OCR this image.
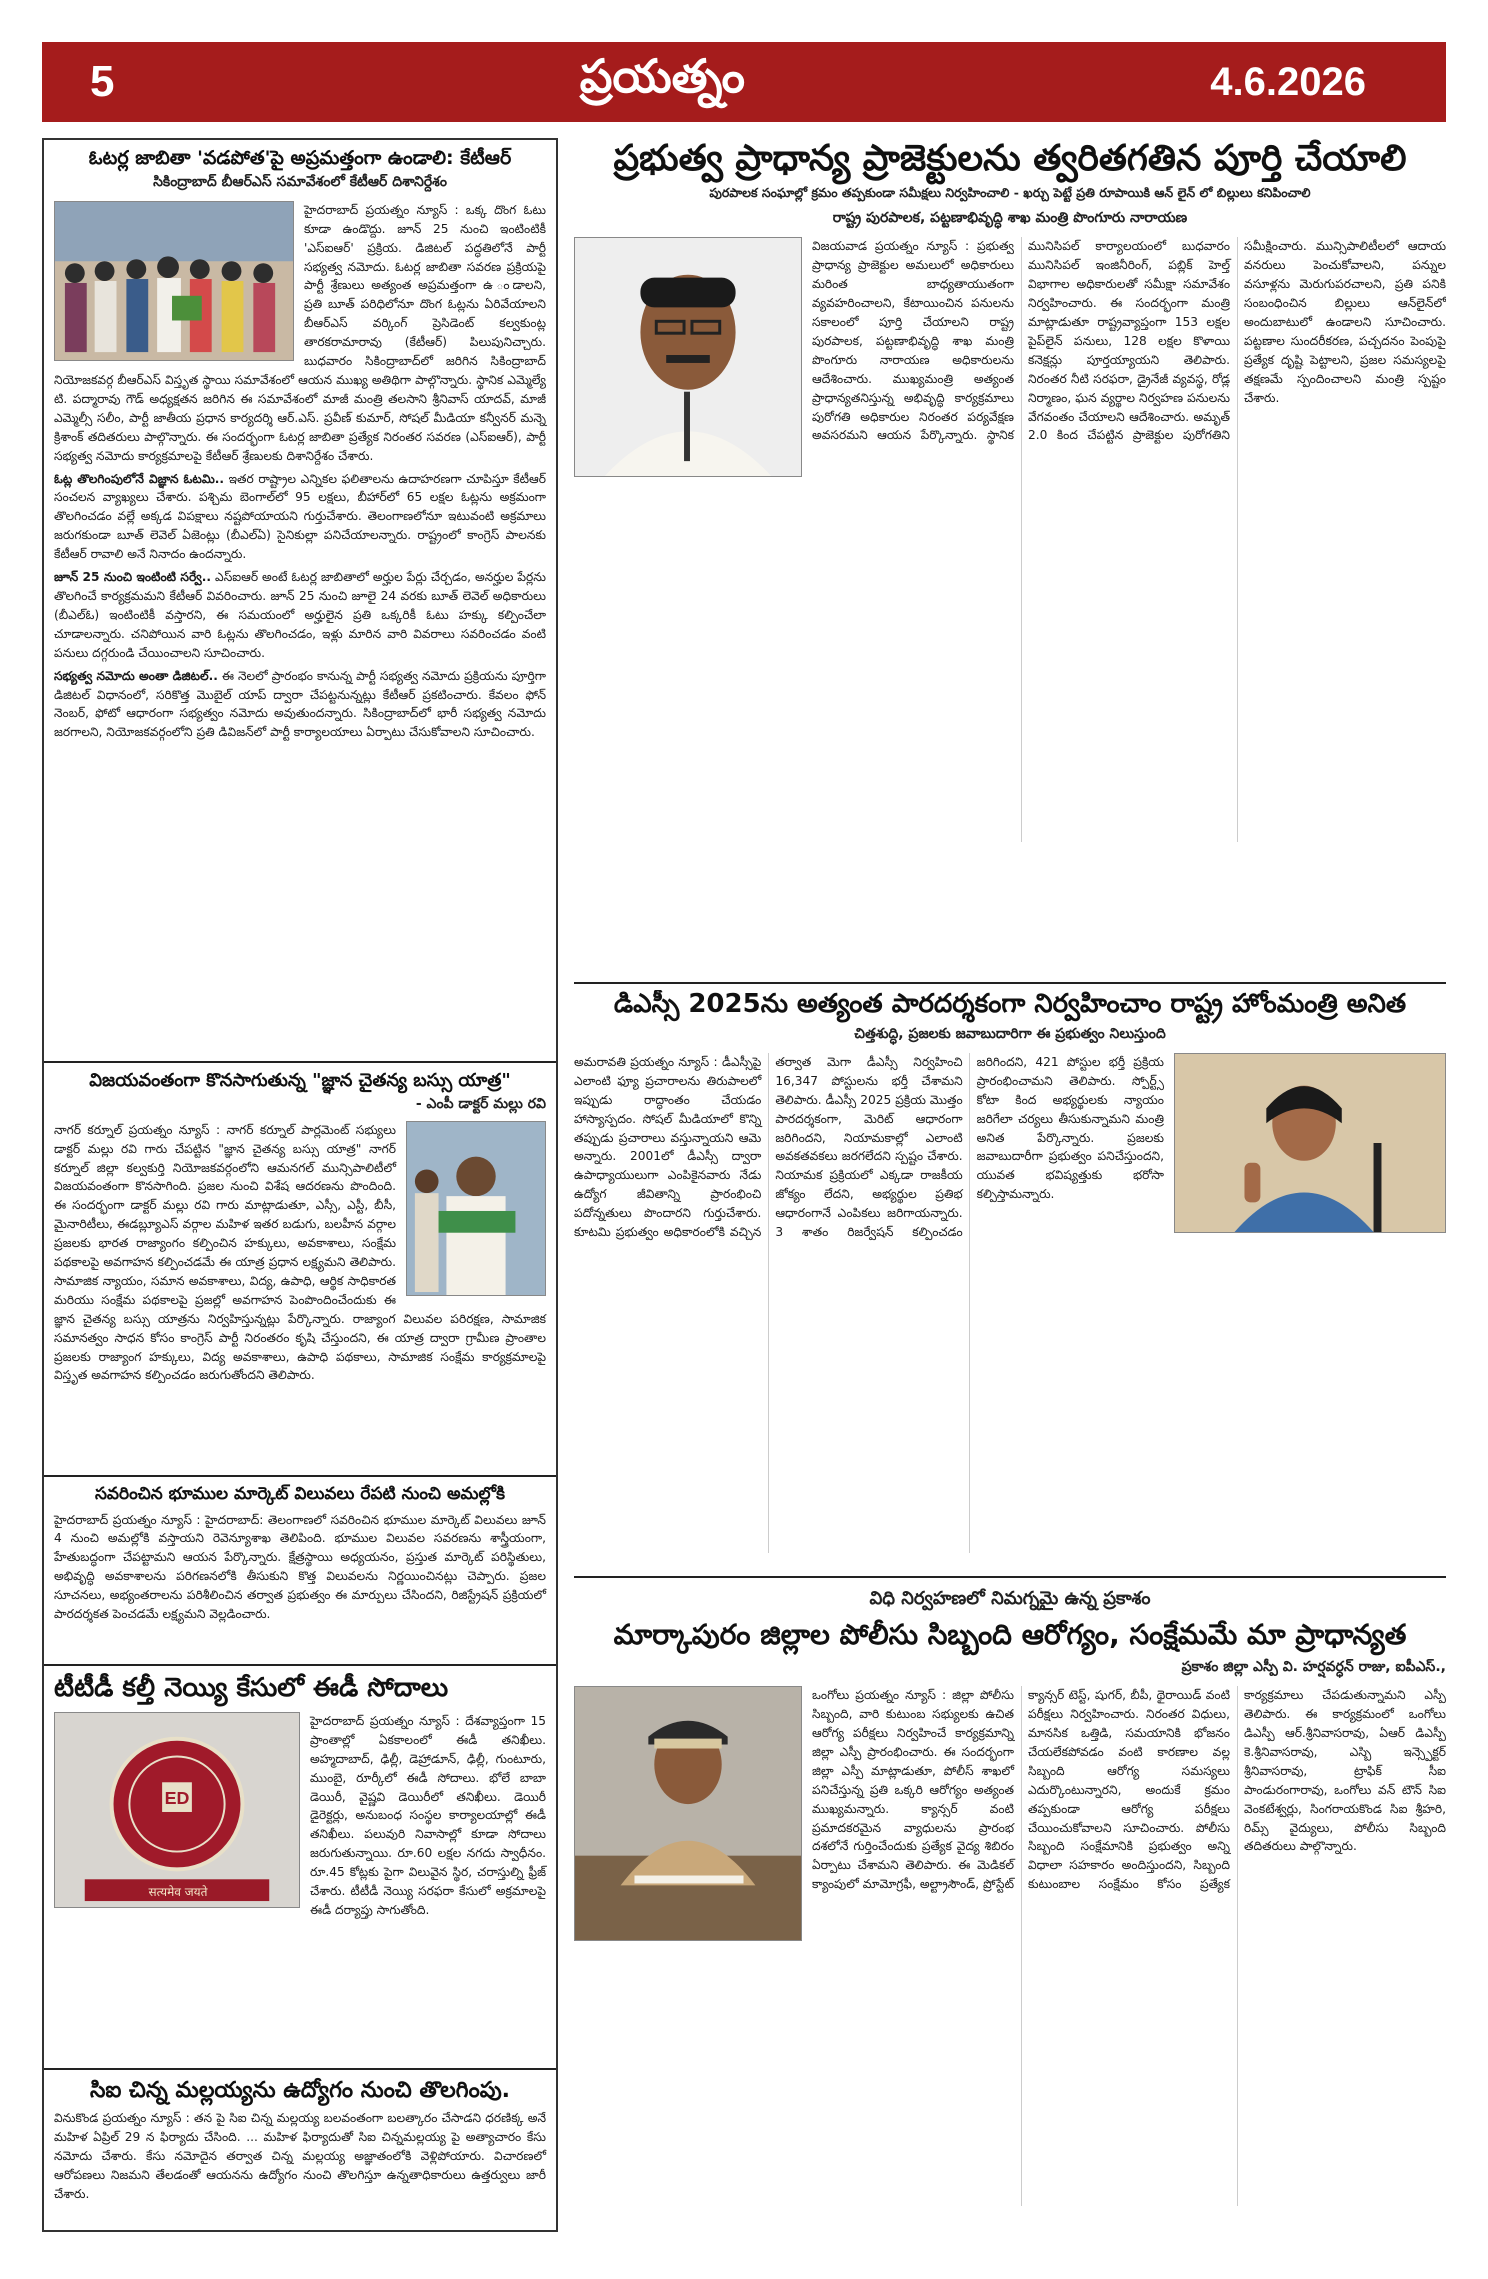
5	ప్రయత్నం	4.6.2026
ఓటర్ల జాబితా 'వడపోత'పై అప్రమత్తంగా ఉండాలి: కేటీఆర్
సికింద్రాబాద్ బీఆర్ఎస్ సమావేశంలో కేటీఆర్ దిశానిర్దేశం

హైదరాబాద్ ప్రయత్నం న్యూస్ : ఒక్క దొంగ ఓటు కూడా ఉండొద్దు. జూన్ 25 నుంచి ఇంటింటికీ 'ఎస్ఐఆర్' ప్రక్రియ. డిజిటల్ పద్ధతిలోనే పార్టీ సభ్యత్వ నమోదు. ఓటర్ల జాబితా సవరణ ప్రక్రియపై పార్టీ శ్రేణులు అత్యంత అప్రమత్తంగా ఉ ండాలని, ప్రతి బూత్ పరిధిలోనూ దొంగ ఓట్లను ఏరివేయాలని బీఆర్ఎస్ వర్కింగ్ ప్రెసిడెంట్ కల్వకుంట్ల తారకరామారావు (కేటీఆర్) పిలుపునిచ్చారు. బుధవారం సికింద్రాబాద్‌లో జరిగిన సికింద్రాబాద్ నియోజకవర్గ బీఆర్ఎస్ విస్తృత స్థాయి సమావేశంలో ఆయన ముఖ్య అతిథిగా పాల్గొన్నారు. స్థానిక ఎమ్మెల్యే టి. పద్మారావు గౌడ్ అధ్యక్షతన జరిగిన ఈ సమావేశంలో మాజీ మంత్రి తలసాని శ్రీనివాస్ యాదవ్, మాజీ ఎమ్మెల్సీ సలీం, పార్టీ జాతీయ ప్రధాన కార్యదర్శి ఆర్.ఎస్. ప్రవీణ్ కుమార్, సోషల్ మీడియా కన్వీనర్ మన్నె క్రిశాంక్ తదితరులు పాల్గొన్నారు. ఈ సందర్భంగా ఓటర్ల జాబితా ప్రత్యేక నిరంతర సవరణ (ఎస్ఐఆర్), పార్టీ సభ్యత్వ నమోదు కార్యక్రమాలపై కేటీఆర్ శ్రేణులకు దిశానిర్దేశం చేశారు.

ఓట్ల తొలగింపులోనే విజ్ఞాన ఓటమి.. ఇతర రాష్ట్రాల ఎన్నికల ఫలితాలను ఉదాహరణగా చూపిస్తూ కేటీఆర్ సంచలన వ్యాఖ్యలు చేశారు. పశ్చిమ బెంగాల్‌లో 95 లక్షలు, బీహార్‌లో 65 లక్షల ఓట్లను అక్రమంగా తొలగించడం వల్లే అక్కడ విపక్షాలు నష్టపోయాయని గుర్తుచేశారు. తెలంగాణలోనూ ఇటువంటి అక్రమాలు జరుగకుండా బూత్ లెవెల్ ఏజెంట్లు (బీఎల్ఏ) సైనికుల్లా పనిచేయాలన్నారు. రాష్ట్రంలో కాంగ్రెస్ పాలనకు కేటీఆర్ రావాలి అనే నినాదం ఉందన్నారు.

జూన్ 25 నుంచి ఇంటింటి సర్వే.. ఎస్ఐఆర్ అంటే ఓటర్ల జాబితాలో అర్హుల పేర్లు చేర్చడం, అనర్హుల పేర్లను తొలగించే కార్యక్రమమని కేటీఆర్ వివరించారు. జూన్ 25 నుంచి జూలై 24 వరకు బూత్ లెవెల్ అధికారులు (బీఎల్ఓ) ఇంటింటికీ వస్తారని, ఈ సమయంలో అర్హులైన ప్రతి ఒక్కరికీ ఓటు హక్కు కల్పించేలా చూడాలన్నారు. చనిపోయిన వారి ఓట్లను తొలగించడం, ఇళ్లు మారిన వారి వివరాలు సవరించడం వంటి పనులు దగ్గరుండి చేయించాలని సూచించారు.

సభ్యత్వ నమోదు అంతా డిజిటల్.. ఈ నెలలో ప్రారంభం కానున్న పార్టీ సభ్యత్వ నమోదు ప్రక్రియను పూర్తిగా డిజిటల్ విధానంలో, సరికొత్త మొబైల్ యాప్ ద్వారా చేపట్టనున్నట్లు కేటీఆర్ ప్రకటించారు. కేవలం ఫోన్ నెంబర్, ఫోటో ఆధారంగా సభ్యత్వం నమోదు అవుతుందన్నారు. సికింద్రాబాద్‌లో భారీ సభ్యత్వ నమోదు జరగాలని, నియోజకవర్గంలోని ప్రతి డివిజన్‌లో పార్టీ కార్యాలయాలు ఏర్పాటు చేసుకోవాలని సూచించారు.

విజయవంతంగా కొనసాగుతున్న "జ్ఞాన చైతన్య బస్సు యాత్ర"
- ఎంపీ డాక్టర్ మల్లు రవి
నాగర్ కర్నూల్ ప్రయత్నం న్యూస్ : నాగర్ కర్నూల్ పార్లమెంట్ సభ్యులు డాక్టర్ మల్లు రవి గారు చేపట్టిన "జ్ఞాన చైతన్య బస్సు యాత్ర" నాగర్ కర్నూల్ జిల్లా కల్వకుర్తి నియోజకవర్గంలోని ఆమనగల్ మున్సిపాలిటీలో విజయవంతంగా కొనసాగింది. ప్రజల నుంచి విశేష ఆదరణను పొందింది. ఈ సందర్భంగా డాక్టర్ మల్లు రవి గారు మాట్లాడుతూ, ఎస్సీ, ఎస్టీ, బీసీ, మైనారిటీలు, ఈడబ్ల్యూఎస్ వర్గాల మహిళ ఇతర బడుగు, బలహీన వర్గాల ప్రజలకు భారత రాజ్యాంగం కల్పించిన హక్కులు, అవకాశాలు, సంక్షేమ పథకాలపై అవగాహన కల్పించడమే ఈ యాత్ర ప్రధాన లక్ష్యమని తెలిపారు. సామాజిక న్యాయం, సమాన అవకాశాలు, విద్య, ఉపాధి, ఆర్థిక సాధికారత మరియు సంక్షేమ పథకాలపై ప్రజల్లో అవగాహన పెంపొందించేందుకు ఈ జ్ఞాన చైతన్య బస్సు యాత్రను నిర్వహిస్తున్నట్లు పేర్కొన్నారు. రాజ్యాంగ విలువల పరిరక్షణ, సామాజిక సమానత్వం సాధన కోసం కాంగ్రెస్ పార్టీ నిరంతరం కృషి చేస్తుందని, ఈ యాత్ర ద్వారా గ్రామీణ ప్రాంతాల ప్రజలకు రాజ్యాంగ హక్కులు, విద్య అవకాశాలు, ఉపాధి పథకాలు, సామాజిక సంక్షేమ కార్యక్రమాలపై విస్తృత అవగాహన కల్పించడం జరుగుతోందని తెలిపారు.
సవరించిన భూముల మార్కెట్ విలువలు రేపటి నుంచి అమల్లోకి
హైదరాబాద్ ప్రయత్నం న్యూస్ : హైదరాబాద్: తెలంగాణలో సవరించిన భూముల మార్కెట్ విలువలు జూన్ 4 నుంచి అమల్లోకి వస్తాయని రెవెన్యూశాఖ తెలిపింది. భూముల విలువల సవరణను శాస్త్రీయంగా, హేతుబద్ధంగా చేపట్టామని ఆయన పేర్కొన్నారు. క్షేత్రస్థాయి అధ్యయనం, ప్రస్తుత మార్కెట్ పరిస్థితులు, అభివృద్ధి అవకాశాలను పరిగణనలోకి తీసుకుని కొత్త విలువలను నిర్ణయించినట్లు చెప్పారు. ప్రజల సూచనలు, అభ్యంతరాలను పరిశీలించిన తర్వాత ప్రభుత్వం ఈ మార్పులు చేసిందని, రిజిస్ట్రేషన్ ప్రక్రియలో పారదర్శకత పెంచడమే లక్ష్యమని వెల్లడించారు.
టీటీడీ కల్తీ నెయ్యి కేసులో ఈడీ సోదాలు
ED
सत्यमेव जयते
హైదరాబాద్ ప్రయత్నం న్యూస్ : దేశవ్యాప్తంగా 15 ప్రాంతాల్లో ఏకకాలంలో ఈడీ తనిఖీలు. అహ్మదాబాద్, ఢిల్లీ, డెహ్రాడూన్, ఢిల్లీ, గుంటూరు, ముంబై, రూర్కీలో ఈడీ సోదాలు. భోలే బాబా డెయిరీ, వైష్ణవి డెయిరీలో తనిఖీలు. డెయిరీ డైరెక్టర్లు, అనుబంధ సంస్థల కార్యాలయాల్లో ఈడీ తనిఖీలు. పలువురి నివాసాల్లో కూడా సోదాలు జరుగుతున్నాయి. రూ.60 లక్షల నగదు స్వాధీనం. రూ.45 కోట్లకు పైగా విలువైన స్థిర, చరాస్తుల్ని ఫ్రీజ్ చేశారు. టీటీడీ నెయ్యి సరఫరా కేసులో అక్రమాలపై ఈడీ దర్యాప్తు సాగుతోంది.
సిఐ చిన్న మల్లయ్యను ఉద్యోగం నుంచి తొలగింపు.
వినుకొండ ప్రయత్నం న్యూస్ : తన పై సిఐ చిన్న మల్లయ్య బలవంతంగా బలత్కారం చేసాడని ధరణిక్క అనే మహిళ ఏప్రిల్ 29 న ఫిర్యాదు చేసింది. ... మహిళ ఫిర్యాదుతో సిఐ చిన్నమల్లయ్య పై అత్యాచారం కేసు నమోదు చేశారు. కేసు నమోదైన తర్వాత చిన్న మల్లయ్య అజ్ఞాతంలోకి వెళ్లిపోయారు. విచారణలో ఆరోపణలు నిజమని తేలడంతో ఆయనను ఉద్యోగం నుంచి తొలగిస్తూ ఉన్నతాధికారులు ఉత్తర్వులు జారీ చేశారు.
ప్రభుత్వ ప్రాధాన్య ప్రాజెక్టులను త్వరితగతిన పూర్తి చేయాలి
పురపాలక సంఘాల్లో క్రమం తప్పకుండా సమీక్షలు నిర్వహించాలి - ఖర్చు పెట్టే ప్రతి రూపాయికి ఆన్ లైన్ లో బిల్లులు కనిపించాలి
రాష్ట్ర పురపాలక, పట్టణాభివృద్ధి శాఖ మంత్రి పొంగూరు నారాయణ
విజయవాడ ప్రయత్నం న్యూస్ : ప్రభుత్వ ప్రాధాన్య ప్రాజెక్టుల అమలులో అధికారులు మరింత బాధ్యతాయుతంగా వ్యవహరించాలని, కేటాయించిన పనులను సకాలంలో పూర్తి చేయాలని రాష్ట్ర పురపాలక, పట్టణాభివృద్ధి శాఖ మంత్రి పొంగూరు నారాయణ అధికారులను ఆదేశించారు. ముఖ్యమంత్రి అత్యంత ప్రాధాన్యతనిస్తున్న అభివృద్ధి కార్యక్రమాలు పురోగతి అధికారుల నిరంతర పర్యవేక్షణ అవసరమని ఆయన పేర్కొన్నారు. స్థానిక మునిసిపల్ కార్యాలయంలో బుధవారం మునిసిపల్ ఇంజినీరింగ్, పబ్లిక్ హెల్త్ విభాగాల అధికారులతో సమీక్షా సమావేశం నిర్వహించారు. ఈ సందర్భంగా మంత్రి మాట్లాడుతూ రాష్ట్రవ్యాప్తంగా 153 లక్షల పైప్‌లైన్ పనులు, 128 లక్షల కొళాయి కనెక్షన్లు పూర్తయ్యాయని తెలిపారు. నిరంతర నీటి సరఫరా, డ్రైనేజీ వ్యవస్థ, రోడ్ల నిర్మాణం, ఘన వ్యర్థాల నిర్వహణ పనులను వేగవంతం చేయాలని ఆదేశించారు. అమృత్ 2.0 కింద చేపట్టిన ప్రాజెక్టుల పురోగతిని సమీక్షించారు. మున్సిపాలిటీలలో ఆదాయ వనరులు పెంచుకోవాలని, పన్నుల వసూళ్లను మెరుగుపరచాలని, ప్రతి పనికి సంబంధించిన బిల్లులు ఆన్‌లైన్‌లో అందుబాటులో ఉండాలని సూచించారు. పట్టణాల సుందరీకరణ, పచ్చదనం పెంపుపై ప్రత్యేక దృష్టి పెట్టాలని, ప్రజల సమస్యలపై తక్షణమే స్పందించాలని మంత్రి స్పష్టం చేశారు.
డిఎస్సీ 2025ను అత్యంత పారదర్శకంగా నిర్వహించాం రాష్ట్ర హోంమంత్రి అనిత
చిత్తశుద్ధి, ప్రజలకు జవాబుదారిగా ఈ ప్రభుత్వం నిలుస్తుంది
అమరావతి ప్రయత్నం న్యూస్ : డీఎస్సీపై ఎలాంటి ఫ్యూ ప్రచారాలను తిరుపాలలో ఇప్పుడు రాద్ధాంతం చేయడం హాస్యాస్పదం. సోషల్ మీడియాలో కొన్ని తప్పుడు ప్రచారాలు వస్తున్నాయని ఆమె అన్నారు. 2001లో డీఎస్సీ ద్వారా ఉపాధ్యాయులుగా ఎంపికైనవారు నేడు ఉద్యోగ జీవితాన్ని ప్రారంభించి పదోన్నతులు పొందారని గుర్తుచేశారు. కూటమి ప్రభుత్వం అధికారంలోకి వచ్చిన తర్వాత మెగా డీఎస్సీ నిర్వహించి 16,347 పోస్టులను భర్తీ చేశామని తెలిపారు. డీఎస్సీ 2025 ప్రక్రియ మొత్తం పారదర్శకంగా, మెరిట్ ఆధారంగా జరిగిందని, నియామకాల్లో ఎలాంటి అవకతవకలు జరగలేదని స్పష్టం చేశారు. నియామక ప్రక్రియలో ఎక్కడా రాజకీయ జోక్యం లేదని, అభ్యర్థుల ప్రతిభ ఆధారంగానే ఎంపికలు జరిగాయన్నారు. 3 శాతం రిజర్వేషన్ కల్పించడం జరిగిందని, 421 పోస్టుల భర్తీ ప్రక్రియ ప్రారంభించామని తెలిపారు. స్పోర్ట్స్ కోటా కింద అభ్యర్థులకు న్యాయం జరిగేలా చర్యలు తీసుకున్నామని మంత్రి అనిత పేర్కొన్నారు. ప్రజలకు జవాబుదారీగా ప్రభుత్వం పనిచేస్తుందని, యువత భవిష్యత్తుకు భరోసా కల్పిస్తామన్నారు.
విధి నిర్వహణలో నిమగ్నమై ఉన్న ప్రకాశం
మార్కాపురం జిల్లాల పోలీసు సిబ్బంది ఆరోగ్యం, సంక్షేమమే మా ప్రాధాన్యత
ప్రకాశం జిల్లా ఎస్పీ వి. హర్షవర్ధన్ రాజు, ఐపీఎస్.,
ఒంగోలు ప్రయత్నం న్యూస్ : జిల్లా పోలీసు సిబ్బంది, వారి కుటుంబ సభ్యులకు ఉచిత ఆరోగ్య పరీక్షలు నిర్వహించే కార్యక్రమాన్ని జిల్లా ఎస్పీ ప్రారంభించారు. ఈ సందర్భంగా జిల్లా ఎస్పీ మాట్లాడుతూ, పోలీస్ శాఖలో పనిచేస్తున్న ప్రతి ఒక్కరి ఆరోగ్యం అత్యంత ముఖ్యమన్నారు. క్యాన్సర్ వంటి ప్రమాదకరమైన వ్యాధులను ప్రారంభ దశలోనే గుర్తించేందుకు ప్రత్యేక వైద్య శిబిరం ఏర్పాటు చేశామని తెలిపారు. ఈ మెడికల్ క్యాంపులో మామోగ్రఫీ, అల్ట్రాసౌండ్, ప్రోస్టేట్ క్యాన్సర్ టెస్ట్, షుగర్, బీపీ, థైరాయిడ్ వంటి పరీక్షలు నిర్వహించారు. నిరంతర విధులు, మానసిక ఒత్తిడి, సమయానికి భోజనం చేయలేకపోవడం వంటి కారణాల వల్ల సిబ్బంది ఆరోగ్య సమస్యలు ఎదుర్కొంటున్నారని, అందుకే క్రమం తప్పకుండా ఆరోగ్య పరీక్షలు చేయించుకోవాలని సూచించారు. పోలీసు సిబ్బంది సంక్షేమానికి ప్రభుత్వం అన్ని విధాలా సహకారం అందిస్తుందని, సిబ్బంది కుటుంబాల సంక్షేమం కోసం ప్రత్యేక కార్యక్రమాలు చేపడుతున్నామని ఎస్పీ తెలిపారు. ఈ కార్యక్రమంలో ఒంగోలు డిఎస్పీ ఆర్.శ్రీనివాసరావు, ఏఆర్ డిఎస్పీ కె.శ్రీనివాసరావు, ఎస్బి ఇన్స్పెక్టర్ శ్రీనివాసరావు, ట్రాఫిక్ సీఐ పాండురంగారావు, ఒంగోలు వన్ టౌన్ సిఐ వెంకటేశ్వర్లు, సింగరాయకొండ సిఐ శ్రీహరి, రిమ్స్ వైద్యులు, పోలీసు సిబ్బంది తదితరులు పాల్గొన్నారు.
